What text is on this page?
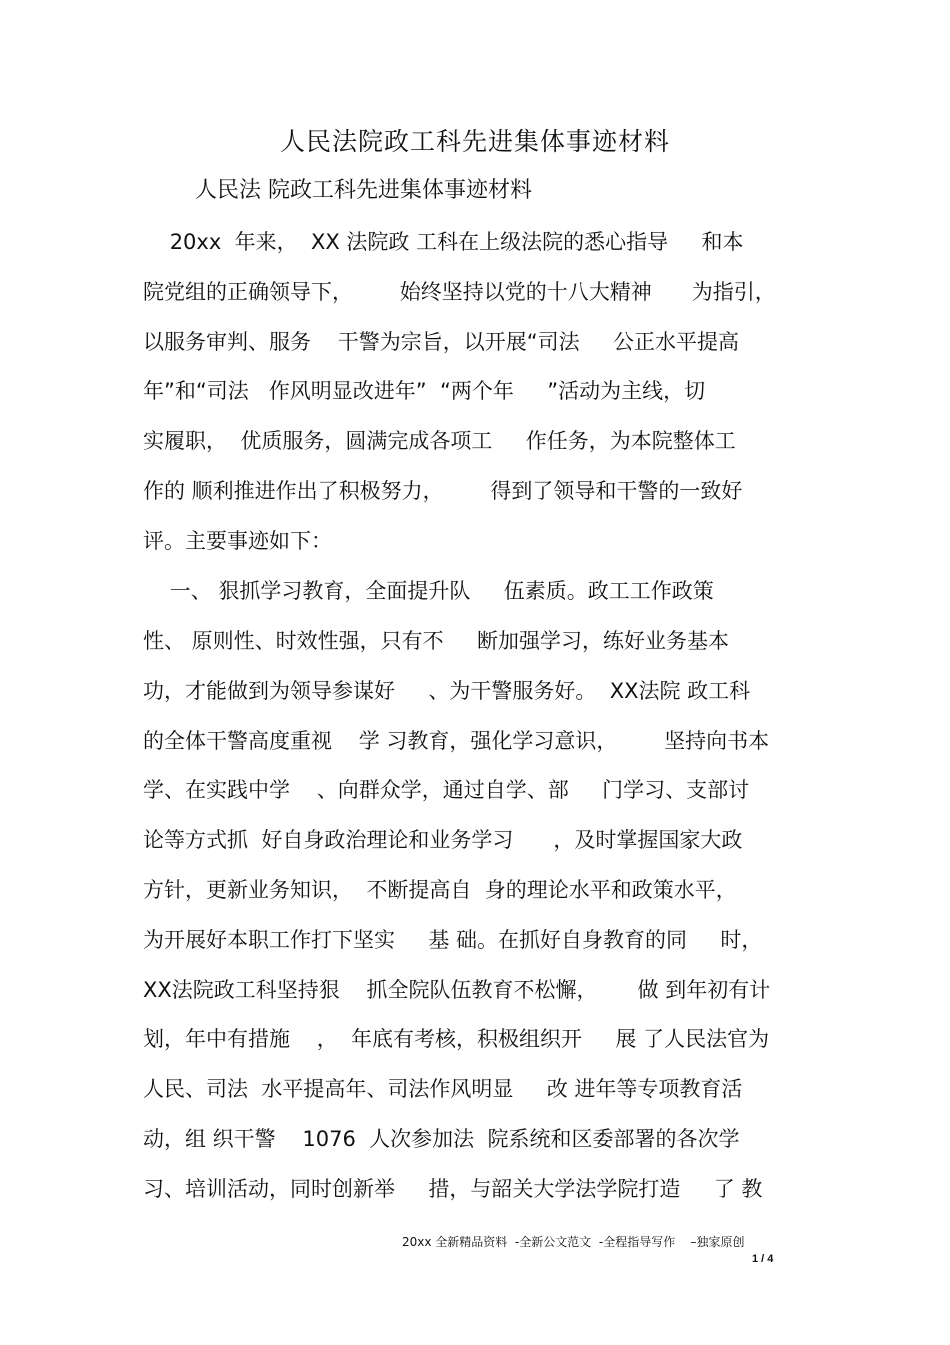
人民法院政工科先进集体事迹材料
人民法 院政工科先进集体事迹材料
20xx  年来，  XX 法院政 工科在上级法院的悉心指导     和本
院党组的正确领导下，       始终坚持以党的十八大精神      为指引，
以服务审判、服务    干警为宗旨，以开展“司法     公正水平提高
年”和“司法   作风明显改进年”  “两个年     ”活动为主线，切
实履职，  优质服务，圆满完成各项工     作任务，为本院整体工
作的 顺利推进作出了积极努力，       得到了领导和干警的一致好
评。主要事迹如下：
一、 狠抓学习教育，全面提升队     伍素质。政工工作政策
性、 原则性、时效性强，只有不     断加强学习，练好业务基本
功，才能做到为领导参谋好     、为干警服务好。  XX法院 政工科
的全体干警高度重视    学 习教育，强化学习意识，       坚持向书本
学、在实践中学    、向群众学，通过自学、部     门学习、支部讨
论等方式抓  好自身政治理论和业务学习      ，及时掌握国家大政
方针，更新业务知识，  不断提高自  身的理论水平和政策水平，
为开展好本职工作打下坚实     基 础。在抓好自身教育的同     时，
XX法院政工科坚持狠    抓全院队伍教育不松懈，      做 到年初有计
划，年中有措施    ，  年底有考核，积极组织开     展 了人民法官为
人民、司法  水平提高年、司法作风明显     改 进年等专项教育活
动，组 织干警    1076  人次参加法  院系统和区委部署的各次学
习、培训活动，同时创新举     措，与韶关大学法学院打造     了 教
20xx 全新精品资料  -全新公文范文  -全程指导写作    –独家原创
1 / 4
